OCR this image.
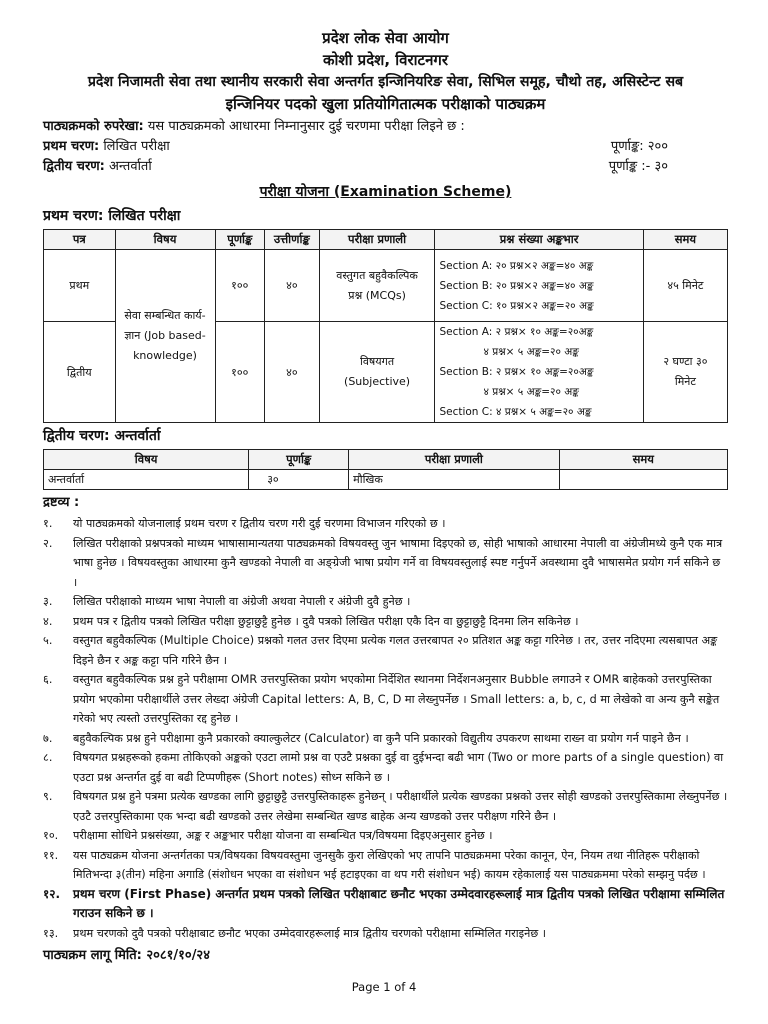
प्रदेश लोक सेवा आयोग
कोशी प्रदेश, विराटनगर
प्रदेश निजामती सेवा तथा स्थानीय सरकारी सेवा अन्तर्गत इन्जिनियरिङ सेवा, सिभिल समूह, चौथो तह, असिस्टेन्ट सब
इन्जिनियर पदको खुला प्रतियोगितात्मक परीक्षाको पाठ्यक्रम
पाठ्यक्रमको रुपरेखा: यस पाठ्यक्रमको आधारमा निम्नानुसार दुई चरणमा परीक्षा लिइने छ :
प्रथम चरण: लिखित परीक्षा	पूर्णाङ्क: २००
द्वितीय चरण: अन्तर्वार्ता	पूर्णाङ्क :- ३०
परीक्षा योजना (Examination Scheme)
प्रथम चरण: लिखित परीक्षा
पत्र	विषय	पूर्णाङ्क	उत्तीर्णाङ्क	परीक्षा प्रणाली	प्रश्न संख्या अङ्कभार	समय
प्रथम	सेवा सम्बन्धित कार्य-ज्ञान (Job based-knowledge)	१००	४०	वस्तुगत बहुवैकल्पिक प्रश्न (MCQs)	Section A: २० प्रश्न×२ अङ्क=४० अङ्क
Section B: २० प्रश्न×२ अङ्क=४० अङ्क
Section C: १० प्रश्न×२ अङ्क=२० अङ्क	४५ मिनेट
द्वितीय		१००	४०	विषयगत (Subjective)	Section A: २ प्रश्न× १० अङ्क=२०अङ्क
४ प्रश्न× ५ अङ्क=२० अङ्क
Section B: २ प्रश्न× १० अङ्क=२०अङ्क
४ प्रश्न× ५ अङ्क=२० अङ्क
Section C: ४ प्रश्न× ५ अङ्क=२० अङ्क	२ घण्टा ३० मिनेट
द्वितीय चरण: अन्तर्वार्ता
विषय	पूर्णाङ्क	परीक्षा प्रणाली	समय
अन्तर्वार्ता	३०	मौखिक	
द्रष्टव्य :
१.	यो पाठ्यक्रमको योजनालाई प्रथम चरण र द्वितीय चरण गरी दुई चरणमा विभाजन गरिएको छ ।
२.	लिखित परीक्षाको प्रश्नपत्रको माध्यम भाषासामान्यतया पाठ्यक्रमको विषयवस्तु जुन भाषामा दिइएको छ, सोही भाषाको आधारमा नेपाली वा अंग्रेजीमध्ये कुनै एक मात्र भाषा हुनेछ । विषयवस्तुका आधारमा कुनै खण्डको नेपाली वा अङ्ग्रेजी भाषा प्रयोग गर्ने वा विषयवस्तुलाई स्पष्ट गर्नुपर्ने अवस्थामा दुवै भाषासमेत प्रयोग गर्न सकिने छ ।
३.	लिखित परीक्षाको माध्यम भाषा नेपाली वा अंग्रेजी अथवा नेपाली र अंग्रेजी दुवै हुनेछ ।
४.	प्रथम पत्र र द्वितीय पत्रको लिखित परीक्षा छुट्टाछुट्टै हुनेछ । दुवै पत्रको लिखित परीक्षा एकै दिन वा छुट्टाछुट्टै दिनमा लिन सकिनेछ ।
५.	वस्तुगत बहुवैकल्पिक (Multiple Choice) प्रश्नको गलत उत्तर दिएमा प्रत्येक गलत उत्तरबापत २० प्रतिशत अङ्क कट्टा गरिनेछ । तर, उत्तर नदिएमा त्यसबापत अङ्क दिइने छैन र अङ्क कट्टा पनि गरिने छैन ।
६.	वस्तुगत बहुवैकल्पिक प्रश्न हुने परीक्षामा OMR उत्तरपुस्तिका प्रयोग भएकोमा निर्देशित स्थानमा निर्देशनअनुसार Bubble लगाउने र OMR बाहेकको उत्तरपुस्तिका प्रयोग भएकोमा परीक्षार्थीले उत्तर लेख्दा अंग्रेजी Capital letters: A, B, C, D मा लेख्नुपर्नेछ । Small letters: a, b, c, d मा लेखेको वा अन्य कुनै सङ्केत गरेको भए त्यस्तो उत्तरपुस्तिका रद्द हुनेछ ।
७.	बहुवैकल्पिक प्रश्न हुने परीक्षामा कुनै प्रकारको क्याल्कुलेटर (Calculator) वा कुनै पनि प्रकारको विद्युतीय उपकरण साथमा राख्न वा प्रयोग गर्न पाइने छैन ।
८.	विषयगत प्रश्नहरूको हकमा तोकिएको अङ्कको एउटा लामो प्रश्न वा एउटै प्रश्नका दुई वा दुईभन्दा बढी भाग (Two or more parts of a single question) वा एउटा प्रश्न अन्तर्गत दुई वा बढी टिप्पणीहरू (Short notes) सोध्न सकिने छ ।
९.	विषयगत प्रश्न हुने पत्रमा प्रत्येक खण्डका लागि छुट्टाछुट्टै उत्तरपुस्तिकाहरू हुनेछन् । परीक्षार्थीले प्रत्येक खण्डका प्रश्नको उत्तर सोही खण्डको उत्तरपुस्तिकामा लेख्नुपर्नेछ । एउटै उत्तरपुस्तिकामा एक भन्दा बढी खण्डको उत्तर लेखेमा सम्बन्धित खण्ड बाहेक अन्य खण्डको उत्तर परीक्षण गरिने छैन ।
१०.	परीक्षामा सोधिने प्रश्नसंख्या, अङ्क र अङ्कभार परीक्षा योजना वा सम्बन्धित पत्र/विषयमा दिइएअनुसार हुनेछ ।
११.	यस पाठ्यक्रम योजना अन्तर्गतका पत्र/विषयका विषयवस्तुमा जुनसुकै कुरा लेखिएको भए तापनि पाठ्यक्रममा परेका कानून, ऐन, नियम तथा नीतिहरू परीक्षाको मितिभन्दा ३(तीन) महिना अगाडि (संशोधन भएका वा संशोधन भई हटाइएका वा थप गरी संशोधन भई) कायम रहेकालाई यस पाठ्यक्रममा परेको सम्झनु पर्दछ ।
१२.	प्रथम चरण (First Phase) अन्तर्गत प्रथम पत्रको लिखित परीक्षाबाट छनौट भएका उम्मेदवारहरूलाई मात्र द्वितीय पत्रको लिखित परीक्षामा सम्मिलित गराउन सकिने छ ।
१३.	प्रथम चरणको दुवै पत्रको परीक्षाबाट छनौट भएका उम्मेदवारहरूलाई मात्र द्वितीय चरणको परीक्षामा सम्मिलित गराइनेछ ।
पाठ्यक्रम लागू मिति: २०८१/१०/२४
Page 1 of 4
